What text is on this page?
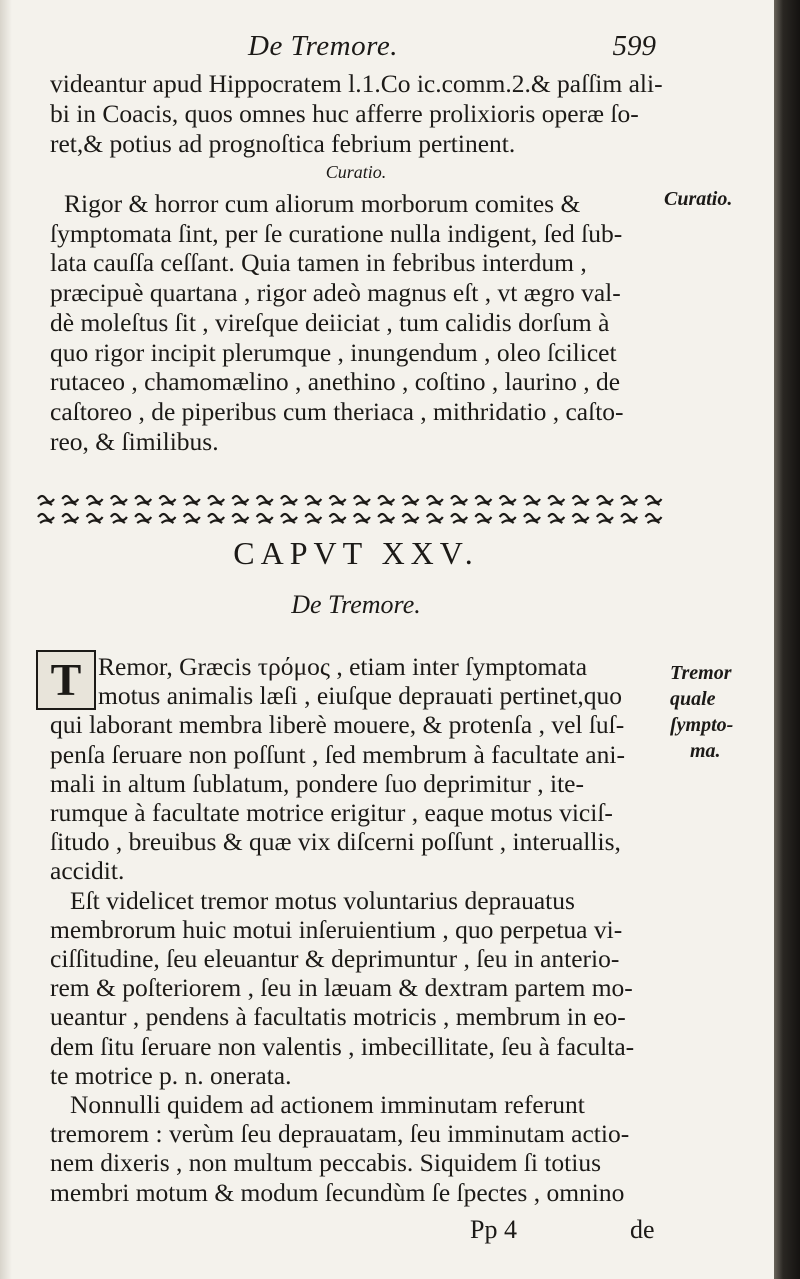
De Tremore.	599
videantur apud Hippocratem l.1.Co ic.comm.2.& paſſim ali-
bi in Coacis, quos omnes huc afferre prolixioris operæ ſo-
ret,& potius ad prognoſtica febrium pertinent.
Curatio.
Rigor & horror cum aliorum morborum comites &
ſymptomata ſint, per ſe curatione nulla indigent, ſed ſub-
lata cauſſa ceſſant. Quia tamen in febribus interdum ,
præcipuè quartana , rigor adeò magnus eſt , vt ægro val-
dè moleſtus ſit , vireſque deiiciat , tum calidis dorſum à
quo rigor incipit plerumque , inungendum , oleo ſcilicet
rutaceo , chamomælino , anethino , coſtino , laurino , de
caſtoreo , de piperibus cum theriaca , mithridatio , caſto-
reo, & ſimilibus.
Curatio.
CAPVT XXV.
De Tremore.
T Remor, Græcis τρόμος , etiam inter ſymptomata
motus animalis læſi , eiuſque deprauati pertinet,quo
qui laborant membra liberè mouere, & protenſa , vel ſuſ-
penſa ſeruare non poſſunt , ſed membrum à facultate ani-
mali in altum ſublatum, pondere ſuo deprimitur , ite-
rumque à facultate motrice erigitur , eaque motus viciſ-
ſitudo , breuibus & quæ vix diſcerni poſſunt , interuallis,
accidit.
Eſt videlicet tremor motus voluntarius deprauatus
membrorum huic motui inſeruientium , quo perpetua vi-
ciſſitudine, ſeu eleuantur & deprimuntur , ſeu in anterio-
rem & poſteriorem , ſeu in læuam & dextram partem mo-
ueantur , pendens à facultatis motricis , membrum in eo-
dem ſitu ſeruare non valentis , imbecillitate, ſeu à faculta-
te motrice p. n. onerata.
Nonnulli quidem ad actionem imminutam referunt
tremorem : verùm ſeu deprauatam, ſeu imminutam actio-
nem dixeris , non multum peccabis. Siquidem ſi totius
membri motum & modum ſecundùm ſe ſpectes , omnino
Tremor
quale
ſympto-
ma.
Pp 4	de
